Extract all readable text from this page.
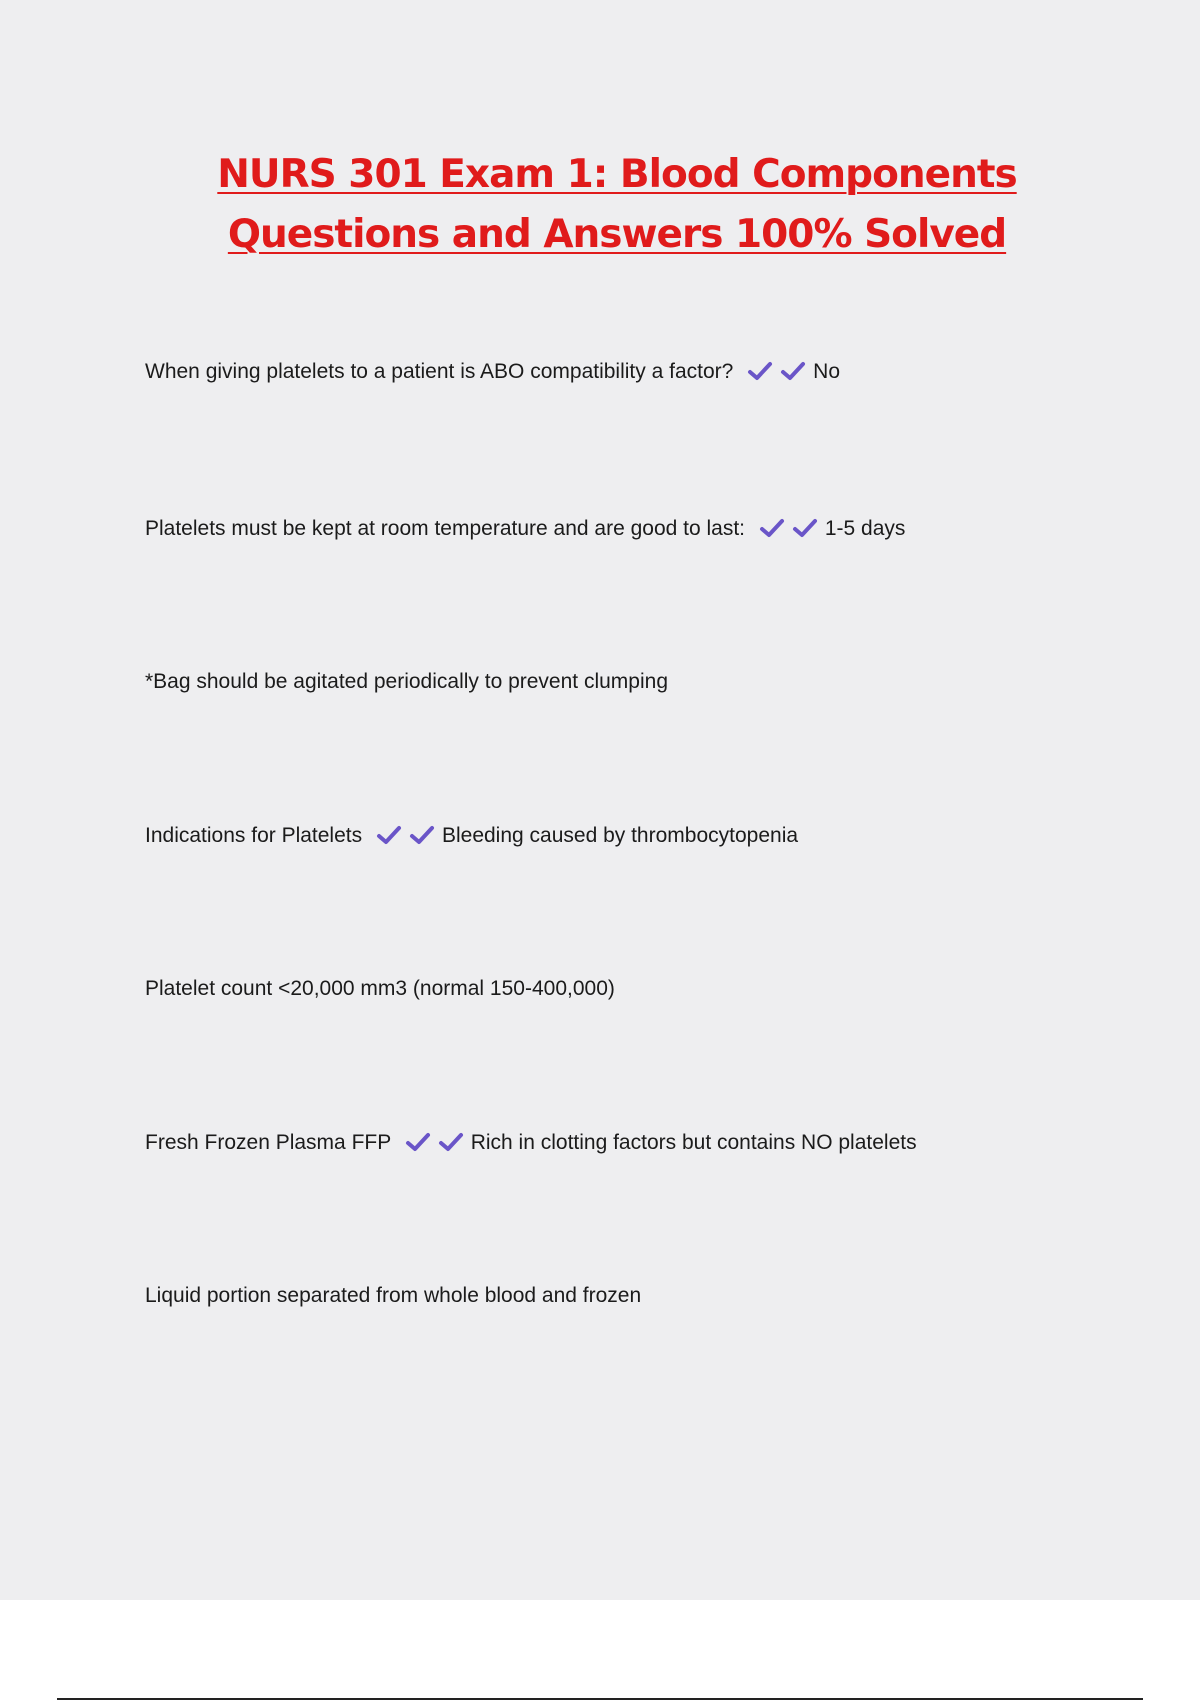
NURS 301 Exam 1: Blood Components
Questions and Answers 100% Solved
When giving platelets to a patient is ABO compatibility a factor?	No
Platelets must be kept at room temperature and are good to last:	1-5 days
*Bag should be agitated periodically to prevent clumping
Indications for Platelets	Bleeding caused by thrombocytopenia
Platelet count <20,000 mm3 (normal 150-400,000)
Fresh Frozen Plasma FFP	Rich in clotting factors but contains NO platelets
Liquid portion separated from whole blood and frozen
